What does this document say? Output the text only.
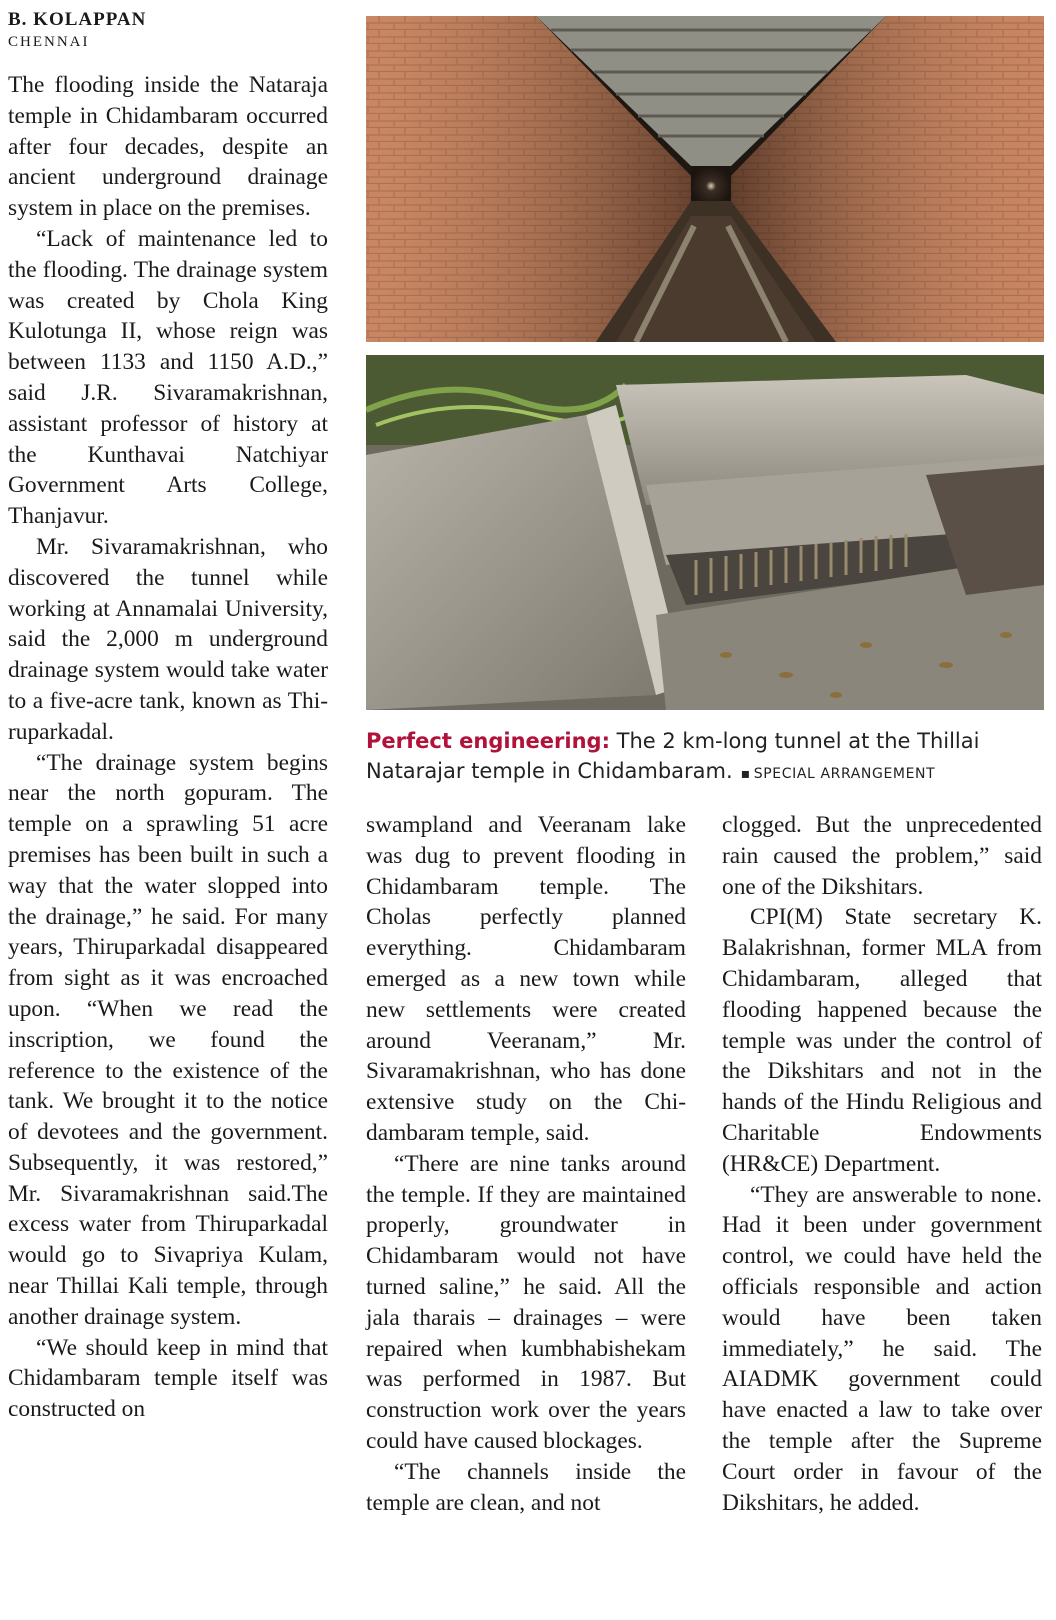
B. KOLAPPAN
CHENNAI

The flooding inside the Nataraja temple in Chidambaram occurred after four decades, despite an ancient underground drainage system in place on the premises.

“Lack of maintenance led to the flooding. The drainage system was created by Chola King Kulotunga II, whose reign was between 1133 and 1150 A.D.,” said J.R. Sivaramakrishnan, assistant professor of history at the Kunthavai Natchiyar Government Arts College, Thanjavur.

Mr. Sivaramakrishnan, who discovered the tunnel while working at Annamalai University, said the 2,000 m underground drainage system would take water to a five-acre tank, known as Thiruparkadal.

“The drainage system begins near the north gopuram. The temple on a sprawling 51 acre premises has been built in such a way that the water slopped into the drainage,” he said. For many years, Thiruparkadal disappeared from sight as it was encroached upon. “When we read the inscription, we found the reference to the existence of the tank. We brought it to the notice of devotees and the government. Subsequently, it was restored,” Mr. Sivaramakrishnan said.The excess water from Thiruparkadal would go to Sivapriya Kulam, near Thillai Kali temple, through another drainage system.

“We should keep in mind that Chidambaram temple itself was constructed on

Perfect engineering: The 2 km-long tunnel at the Thillai Natarajar temple in Chidambaram.▪ SPECIAL ARRANGEMENT

swampland and Veeranam lake was dug to prevent flooding in Chidambaram temple. The Cholas perfectly planned everything. Chidambaram emerged as a new town while new settlements were created around Veeranam,” Mr. Sivaramakrishnan, who has done extensive study on the Chidambaram temple, said.

“There are nine tanks around the temple. If they are maintained properly, groundwater in Chidambaram would not have turned saline,” he said. All the jala tharais – drainages – were repaired when kumbhabishekam was performed in 1987. But construction work over the years could have caused blockages.

“The channels inside the temple are clean, and not

clogged. But the unprecedented rain caused the problem,” said one of the Dikshitars.

CPI(M) State secretary K. Balakrishnan, former MLA from Chidambaram, alleged that flooding happened because the temple was under the control of the Dikshitars and not in the hands of the Hindu Religious and Charitable Endowments (HR&CE) Department.

“They are answerable to none. Had it been under government control, we could have held the officials responsible and action would have been taken immediately,” he said. The AIADMK government could have enacted a law to take over the temple after the Supreme Court order in favour of the Dikshitars, he added.
